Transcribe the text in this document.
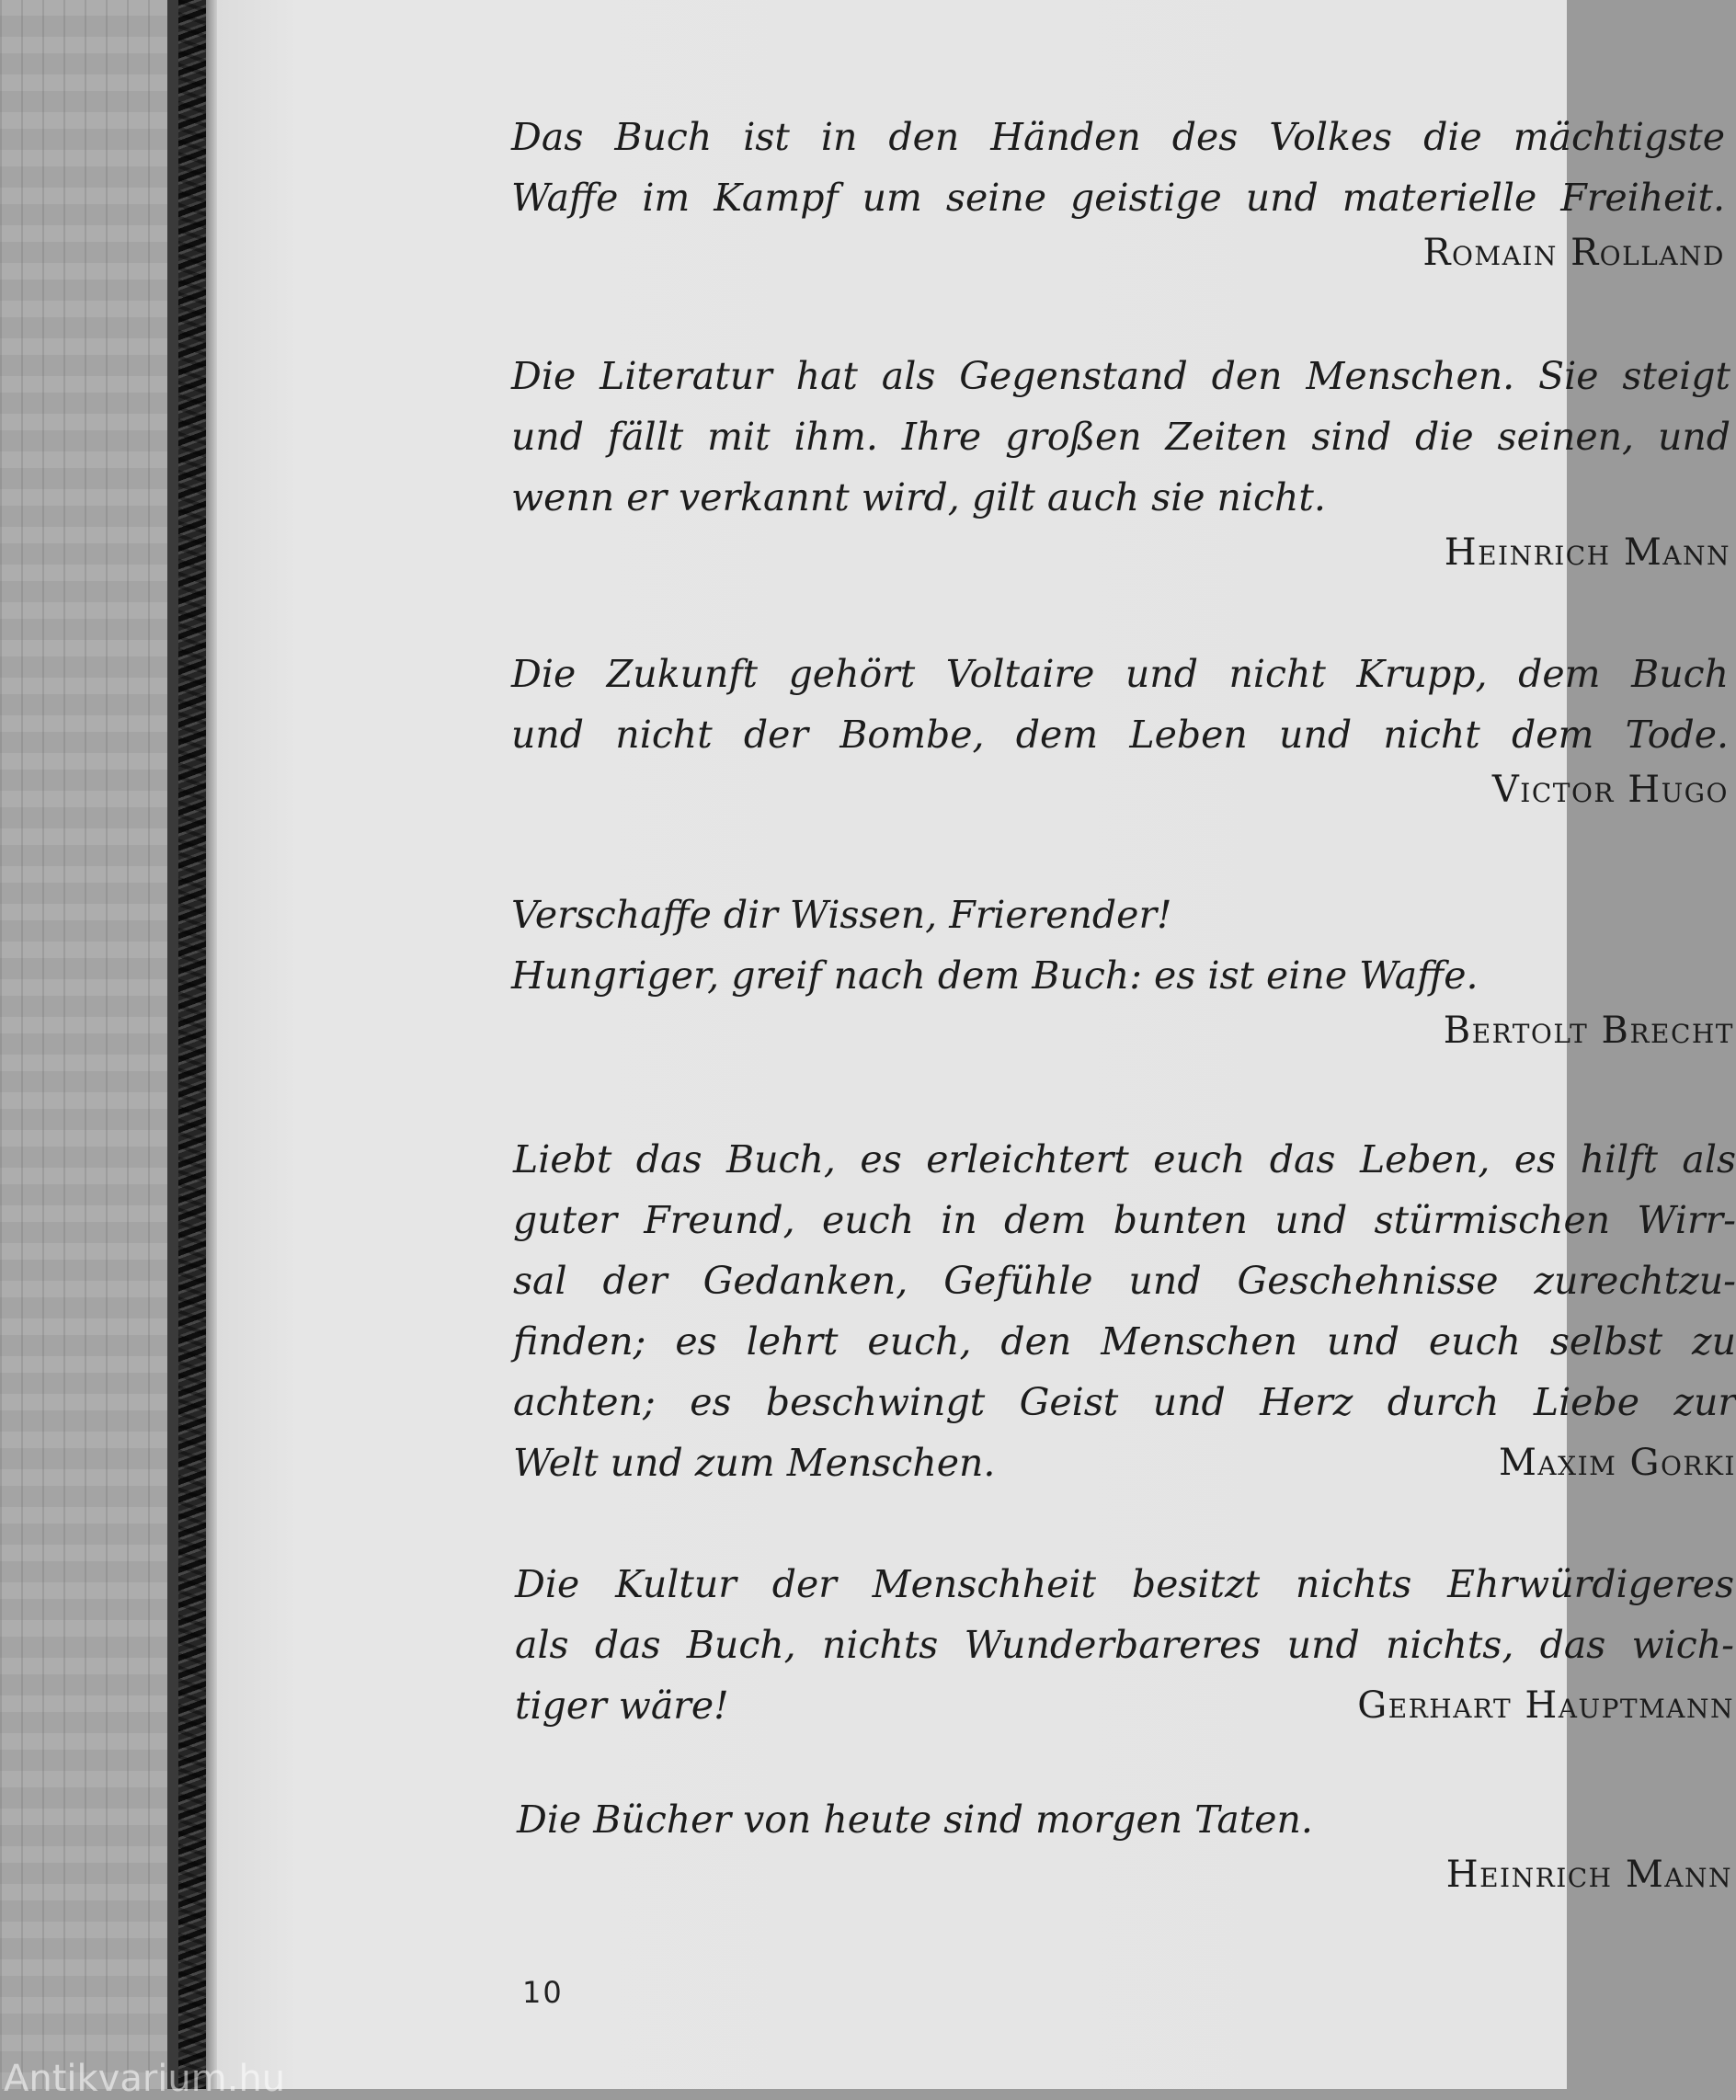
Das Buch ist in den Händen des Volkes die mächtigste
Waffe im Kampf um seine geistige und materielle Freiheit.
Romain Rolland
Die Literatur hat als Gegenstand den Menschen. Sie steigt
und fällt mit ihm. Ihre großen Zeiten sind die seinen, und
wenn er verkannt wird, gilt auch sie nicht.
Heinrich Mann
Die Zukunft gehört Voltaire und nicht Krupp, dem Buch
und nicht der Bombe, dem Leben und nicht dem Tode.
Victor Hugo
Verschaffe dir Wissen, Frierender!
Hungriger, greif nach dem Buch: es ist eine Waffe.
Bertolt Brecht
Liebt das Buch, es erleichtert euch das Leben, es hilft als
guter Freund, euch in dem bunten und stürmischen Wirr-
sal der Gedanken, Gefühle und Geschehnisse zurechtzu-
finden; es lehrt euch, den Menschen und euch selbst zu
achten; es beschwingt Geist und Herz durch Liebe zur
Welt und zum Menschen.	Maxim Gorki
Die Kultur der Menschheit besitzt nichts Ehrwürdigeres
als das Buch, nichts Wunderbareres und nichts, das wich-
tiger wäre!	Gerhart Hauptmann
Die Bücher von heute sind morgen Taten.
Heinrich Mann
10
Antikvarium.hu
